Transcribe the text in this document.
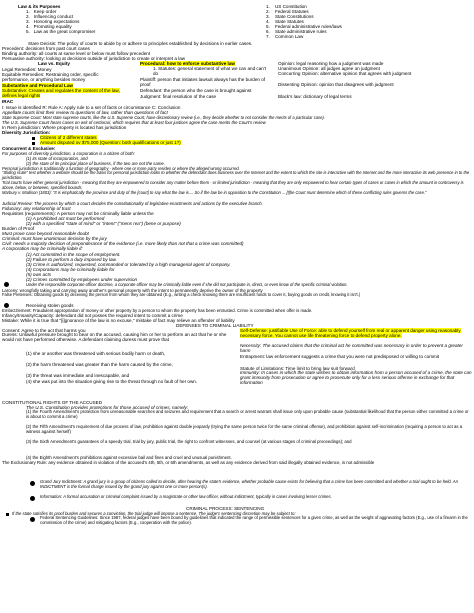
Law & its Purposes
1.   Keep order
2.   Influencing conduct
3.   Honoring expectations
4.   Promoting equality
5.   Law as the great compromiser
1.    US Constitution
2.    Federal Statutes
3.    State Constitutions
4.    State Statutes
5.    Federal administrative rules/laws
6.    State administrative rules
7.    Common Law
Stare Decisis: The policy of courts to abide by or adhere to principles established by decisions in earlier cases.
Precedent: decisions from past court cases
Binding authority: all courts at same level or below must follow precedent
Persuasive authority: looking at decisions outside of jurisdiction to create or interpret a law
Law vs. Equity
Legal Remedies: Money
Equitable Remedies: Restraining order, specific performance, or anything besides money
Substantive and Procedural Law
Substantive: Creates and regulates the content of the law, defines legal rights
IRAC
Procedural: how to enforce substantive law
1. Statutes: general statement of what we can and can't do
Plaintiff: person that initiates lawsuit always has the burden of proof
Defendant: the person who the case is brought against
Judgment: final resolution of the case
Opinion: legal reasoning how a judgment was made
Unanimous Opinion: all judges agree on judgment
Concurring Opinion: alternative opinion that agrees with judgment
Dissenting Opinion: opinion that disagrees with judgment
Black's law: dictionary of legal terms
I: Issue is identified R: Rule A: Apply rule to a set of facts or circumstance C: Conclusion
Appellate courts limit their review to questions of law, rather than questions of fact
State Supreme Court: Most state supreme courts, like the U.S. Supreme Court, have discretionary review (i.e., they decide whether to not consider the merits of a particular case).
The U.S. Supreme Court hears cases on writ of certiorari, which requires that at least four justices agree the case merits the Court's review
In Rem jurisdiction: Where property is located has jurisdiction
Diversity Jurisdiction:
Citizens of 2 different states
Amount disputed ov $75,000 (Question: both qualifications or just 1?)
Concurrent & Exclusive:
For purposes of diversity jurisdiction, a corporation is a citizen of both:
(1) its state of incorporation, and
(2) the state of its principal place of business, if the two are not the same.
Personal jurisdiction is traditionally a function of geography - where one or more party resides or where the alleged wrong occurred.
"Sliding scale" test whether a website should be the basis for personal jurisdiction looks to whether the defendant does business over the Internet and the extent to which the site is interactive with the Internet and the more interactive its web presence in to the jurisdiction.
Trial courts have either general jurisdiction - meaning that they are empowered to consider any matter before them - or limited jurisdiction - meaning that they are only empowered to hear certain types of cases or cases in which the amount in controversy is above, below, or between, specified bounds.
Marbury v. Madison (1803): "It is emphatically the province and duty of the [court] to say what the law is.... So if the law be in opposition to the Constitution ... [t]he Court must determine which of these conflicting rules governs the case."
Judicial Review: The process by which a court decides the constitutionality of legislative enactments and actions by the executive branch.
Fiduciary: any relationship of trust
Requisites (requirements): A person may not be criminally liable unless the
(1) A prohibited act must be performed
(2) with a specified "state of mind" or "intent" ("mens rea") (bene or purpose)
Burden of Proof
Must prove case beyond reasonable doubt
Criminal: must have unanimous decision by the jury
Civil: needs a majority decision of preponderance of the evidence (i.e. more likely than not that a crime was committed)
A corporation may be criminally liable if:
(1) Act committed in the scope of employment.
(2) Failure to perform a duty imposed by law.
(3) Crime is authorized, requested, commanded or tolerated by a high managerial agent of company.
(4) Corporations may be criminally liable for
(5) own acts
(2) Crimes committed by employees under supervision
Under the responsible corporate officer doctrine, a corporate officer may be criminally liable even if she did not participate in, direct, or even know of the specific criminal violation.
Larceny: wrongfully taking and carrying away another's personal property with the intent to permanently deprive the owner of the property
False Pretenses: Obtaining goods by deceiving the person from whom they are obtained (E.g., writing a check knowing there are insufficient funds to cover it, buying goods on credit, knowing it isn't.)
Receiving stolen goods
Embezzlement: Fraudulent appropriation of money or other property by a person to whom the property has been entrusted. Crime is committed when offer is made.
Infancy/Insanity/Capacity: defendant did not posses the required intent to commit a crime
Mistake: While it is true that "[i]gnorance of the law is no excuse," mistake of fact may relieve an offender of liability
DEFENSES TO CRIMINAL LIABILITY
Consent: Agree to the act that harms you
Duress: Unlawful pressure brought to bear on the accused, causing him or her to perform an act that he or she would not have performed otherwise. A defendant claiming duress must prove that
(1) she or another was threatened with serious bodily harm or death,
(2) the harm threatened was greater than the harm caused by the crime,
(3) the threat was immediate and inescapable, and
(4) she was put into the situation giving rise to the threat through no fault of her own.
Self-Defense: justifiable Use of Force: able to defend yourself from real or apparent danger using reasonably necessary force. You cannot use life threatening force to defend property alone.
Necessity: The accused claims that the criminal act he committed was necessary in order to prevent a greater harm
Entrapment: law enforcement suggests a crime that you were not predisposed or willing to commit
Statute of Limitations: Time limit to bring law suit forward
Immunity: In cases in which the state wishes to obtain information from a person accused of a crime, the state can grant immunity from prosecution or agree to prosecute only for a less serious offense in exchange for that information
CONSTITUTIONAL RIGHTS OF THE ACCUSED
The U.S. Constitution provides protections for those accused of crimes, namely:
(1) the Fourth Amendment's protection from unreasonable searches and seizures and requirement that a search or arrest warrant shall issue only upon probable cause (substantial likelihood that the person either committed a crime or is about to commit a crime)
(2) the Fifth Amendment's requirement of due process of law, prohibition against double jeopardy (trying the same person twice for the same criminal offense), and prohibition against self-incrimination (requiring a person to act as a witness against herself)
(3) the Sixth Amendment's guarantees of a speedy trial, trial by jury, public trial, the right to confront witnesses, and counsel (at various stages of criminal proceedings); and
(4) the Eighth Amendment's prohibitions against excessive bail and fines and cruel and unusual punishment.
The Exclusionary Rule: any evidence obtained in violation of the accused's 4th, 5th, or 6th amendments, as well as any evidence derived from said illegally obtained evidence, is not admissible
Grand Jury Indictment: A grand jury is a group of citizens called to decide, after hearing the state's evidence, whether probable cause exists for believing that a crime has been committed and whether a trial ought to be held. An INDICTMENT is the formal charge issued by the grand jury against one or more person(s).
Information: A formal accusation or criminal complaint issued by a magistrate or other law officer, without indictment, typically in cases involving lesser crimes.
CRIMINAL PROCESS: SENTENCING
If the state satisfies its proof burden and secures a conviction, the trial judge will impose a sentence. The judge's sentencing discretion may be subject to:
Federal Sentencing Guidelines: Since 1987, federal judges have been bound by guidelines that indicated the range of permissible sentences for a given crime, as well as the weight of aggravating factors (E.g., use of a firearm in the commission of the crime) and mitigating factors (E.g., cooperation with the police).
